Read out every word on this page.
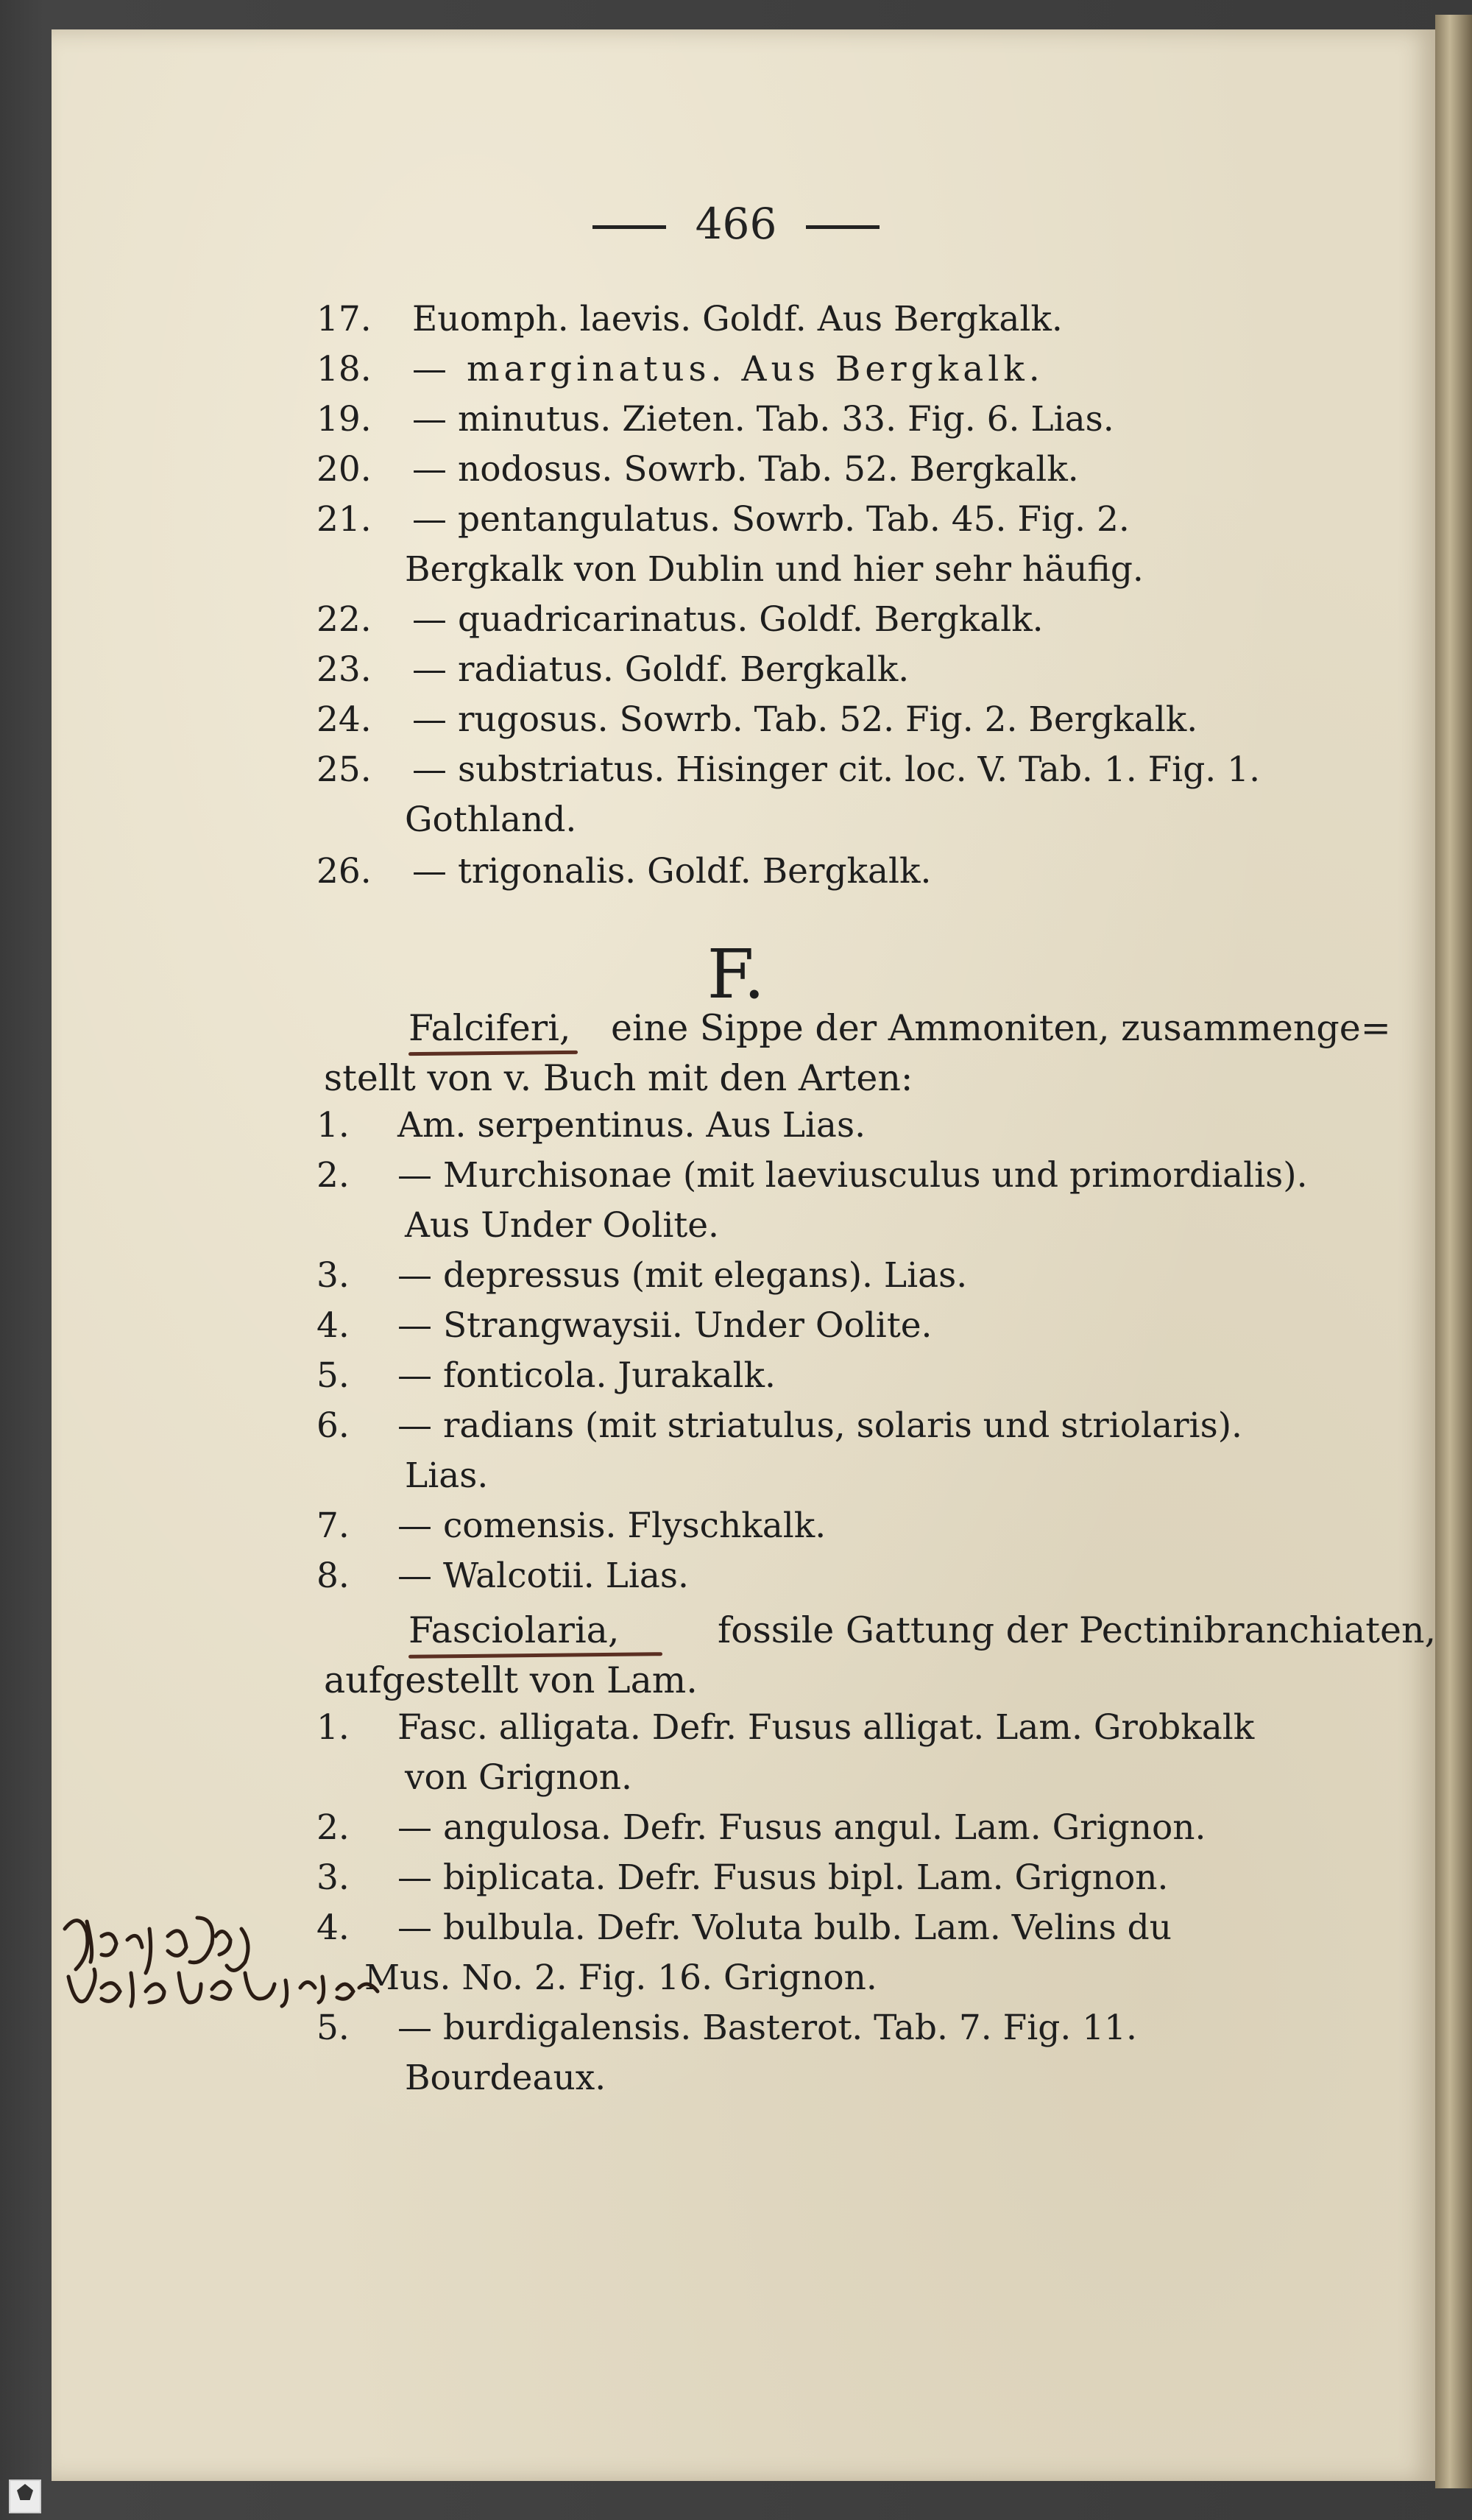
466
17. Euomph. laevis. Goldf. Aus Bergkalk.
18. — marginatus. Aus Bergkalk.
19. — minutus. Zieten. Tab. 33. Fig. 6. Lias.
20. — nodosus. Sowrb. Tab. 52. Bergkalk.
21. — pentangulatus. Sowrb. Tab. 45. Fig. 2.
Bergkalk von Dublin und hier sehr häufig.
22. — quadricarinatus. Goldf. Bergkalk.
23. — radiatus. Goldf. Bergkalk.
24. — rugosus. Sowrb. Tab. 52. Fig. 2. Bergkalk.
25. — substriatus. Hisinger cit. loc. V. Tab. 1. Fig. 1.
Gothland.
26. — trigonalis. Goldf. Bergkalk.
F.
Falciferi, eine Sippe der Ammoniten, zusammenge=
stellt von v. Buch mit den Arten:
1. Am. serpentinus. Aus Lias.
2. — Murchisonae (mit laeviusculus und primordialis).
Aus Under Oolite.
3. — depressus (mit elegans). Lias.
4. — Strangwaysii. Under Oolite.
5. — fonticola. Jurakalk.
6. — radians (mit striatulus, solaris und striolaris).
Lias.
7. — comensis. Flyschkalk.
8. — Walcotii. Lias.
Fasciolaria,	fossile Gattung der Pectinibranchiaten,
aufgestellt von Lam.
1. Fasc. alligata. Defr. Fusus alligat. Lam. Grobkalk
von Grignon.
2. — angulosa. Defr. Fusus angul. Lam. Grignon.
3. — biplicata. Defr. Fusus bipl. Lam. Grignon.
4. — bulbula. Defr. Voluta bulb. Lam. Velins du
Mus. No. 2. Fig. 16. Grignon.
5. — burdigalensis. Basterot. Tab. 7. Fig. 11.
Bourdeaux.
